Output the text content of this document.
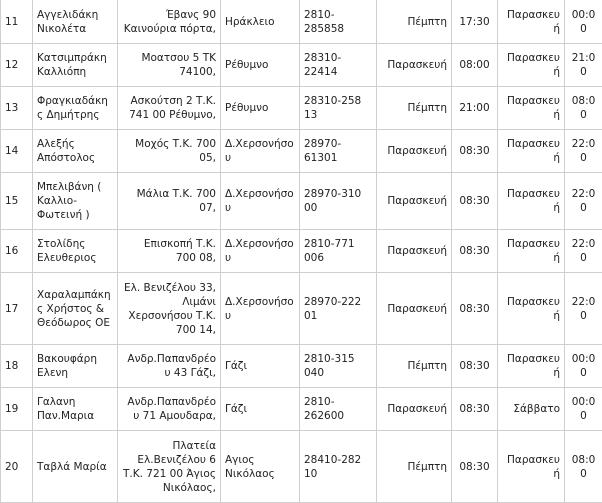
11	Αγγελιδάκη Νικολέτα	Έβανς 90 Καινούρια πόρτα,	Ηράκλειο	2810-285858	Πέμπτη	17:30	Παρασκευή	00:00
12	Κατσιμπράκη Καλλιόπη	Μοατσου 5 ΤΚ 74100,	Ρέθυμνο	28310-22414	Παρασκευή	08:00	Παρασκευή	21:00
13	Φραγκιαδάκης Δημήτρης	Ασκούτση 2 Τ.Κ. 741 00 Ρέθυμνο,	Ρέθυμνο	28310-258 13	Πέμπτη	21:00	Παρασκευή	08:00
14	Αλεξής Απόστολος	Μοχός Τ.Κ. 700 05,	Δ.Χερσονήσου	28970-61301	Παρασκευή	08:30	Παρασκευή	22:00
15	Μπελιβάνη ( Καλλιο-Φωτεινή )	Μάλια Τ.Κ. 700 07,	Δ.Χερσονήσου	28970-310 00	Παρασκευή	08:30	Παρασκευή	22:00
16	Στολίδης Ελευθεριος	Επισκοπή Τ.Κ. 700 08,	Δ.Χερσονήσου	2810-771 006	Παρασκευή	08:30	Παρασκευή	22:00
17	Χαραλαμπάκης Χρήστος & Θεόδωρος ΟΕ	Ελ. Βενιζέλου 33, Λιμάνι Χερσονήσου Τ.Κ. 700 14,	Δ.Χερσονήσου	28970-222 01	Παρασκευή	08:30	Παρασκευή	22:00
18	Βακουφάρη Ελενη	Ανδρ.Παπανδρέου 43 Γάζι,	Γάζι	2810-315 040	Πέμπτη	08:30	Παρασκευή	00:00
19	Γαλανη Παν.Μαρια	Ανδρ.Παπανδρέου 71 Αμουδαρα,	Γάζι	2810-262600	Παρασκευή	08:30	Σάββατο	00:00
20	Ταβλά Μαρία	Πλατεία Ελ.Βενιζέλου 6 Τ.Κ. 721 00 Άγιος Νικόλαος,	Αγιος Νικόλαος	28410-282 10	Πέμπτη	08:30	Παρασκευή	08:00
